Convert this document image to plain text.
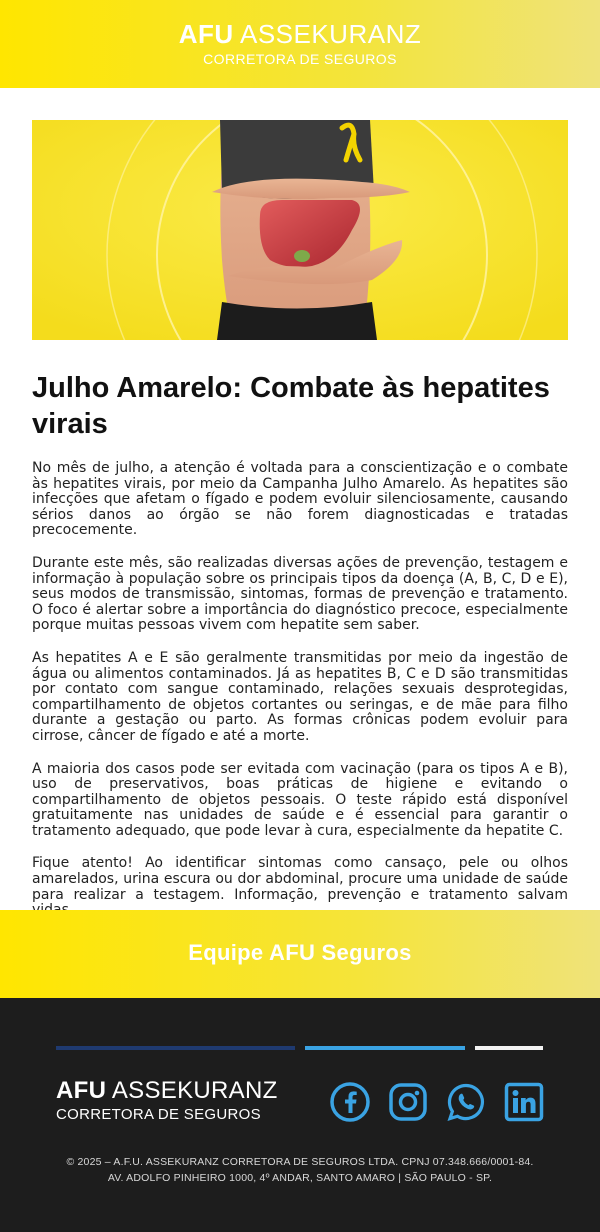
AFU ASSEKURANZ
CORRETORA DE SEGUROS
Julho Amarelo: Combate às hepatites virais

No mês de julho, a atenção é voltada para a conscientização e o combate às hepatites virais, por meio da Campanha Julho Amarelo. As hepatites são infecções que afetam o fígado e podem evoluir silenciosamente, causando sérios danos ao órgão se não forem diagnosticadas e tratadas precocemente.

Durante este mês, são realizadas diversas ações de prevenção, testagem e informação à população sobre os principais tipos da doença (A, B, C, D e E), seus modos de transmissão, sintomas, formas de prevenção e tratamento. O foco é alertar sobre a importância do diagnóstico precoce, especialmente porque muitas pessoas vivem com hepatite sem saber.

As hepatites A e E são geralmente transmitidas por meio da ingestão de água ou alimentos contaminados. Já as hepatites B, C e D são transmitidas por contato com sangue contaminado, relações sexuais desprotegidas, compartilhamento de objetos cortantes ou seringas, e de mãe para filho durante a gestação ou parto. As formas crônicas podem evoluir para cirrose, câncer de fígado e até a morte.

A maioria dos casos pode ser evitada com vacinação (para os tipos A e B), uso de preservativos, boas práticas de higiene e evitando o compartilhamento de objetos pessoais. O teste rápido está disponível gratuitamente nas unidades de saúde e é essencial para garantir o tratamento adequado, que pode levar à cura, especialmente da hepatite C.

Fique atento! Ao identificar sintomas como cansaço, pele ou olhos amarelados, urina escura ou dor abdominal, procure uma unidade de saúde para realizar a testagem. Informação, prevenção e tratamento salvam

Equipe AFU Seguros
AFU ASSEKURANZ
CORRETORA DE SEGUROS
© 2025 – A.F.U. ASSEKURANZ CORRETORA DE SEGUROS LTDA. CPNJ 07.348.666/0001-84.
AV. ADOLFO PINHEIRO 1000, 4º ANDAR, SANTO AMARO | SÃO PAULO - SP.
